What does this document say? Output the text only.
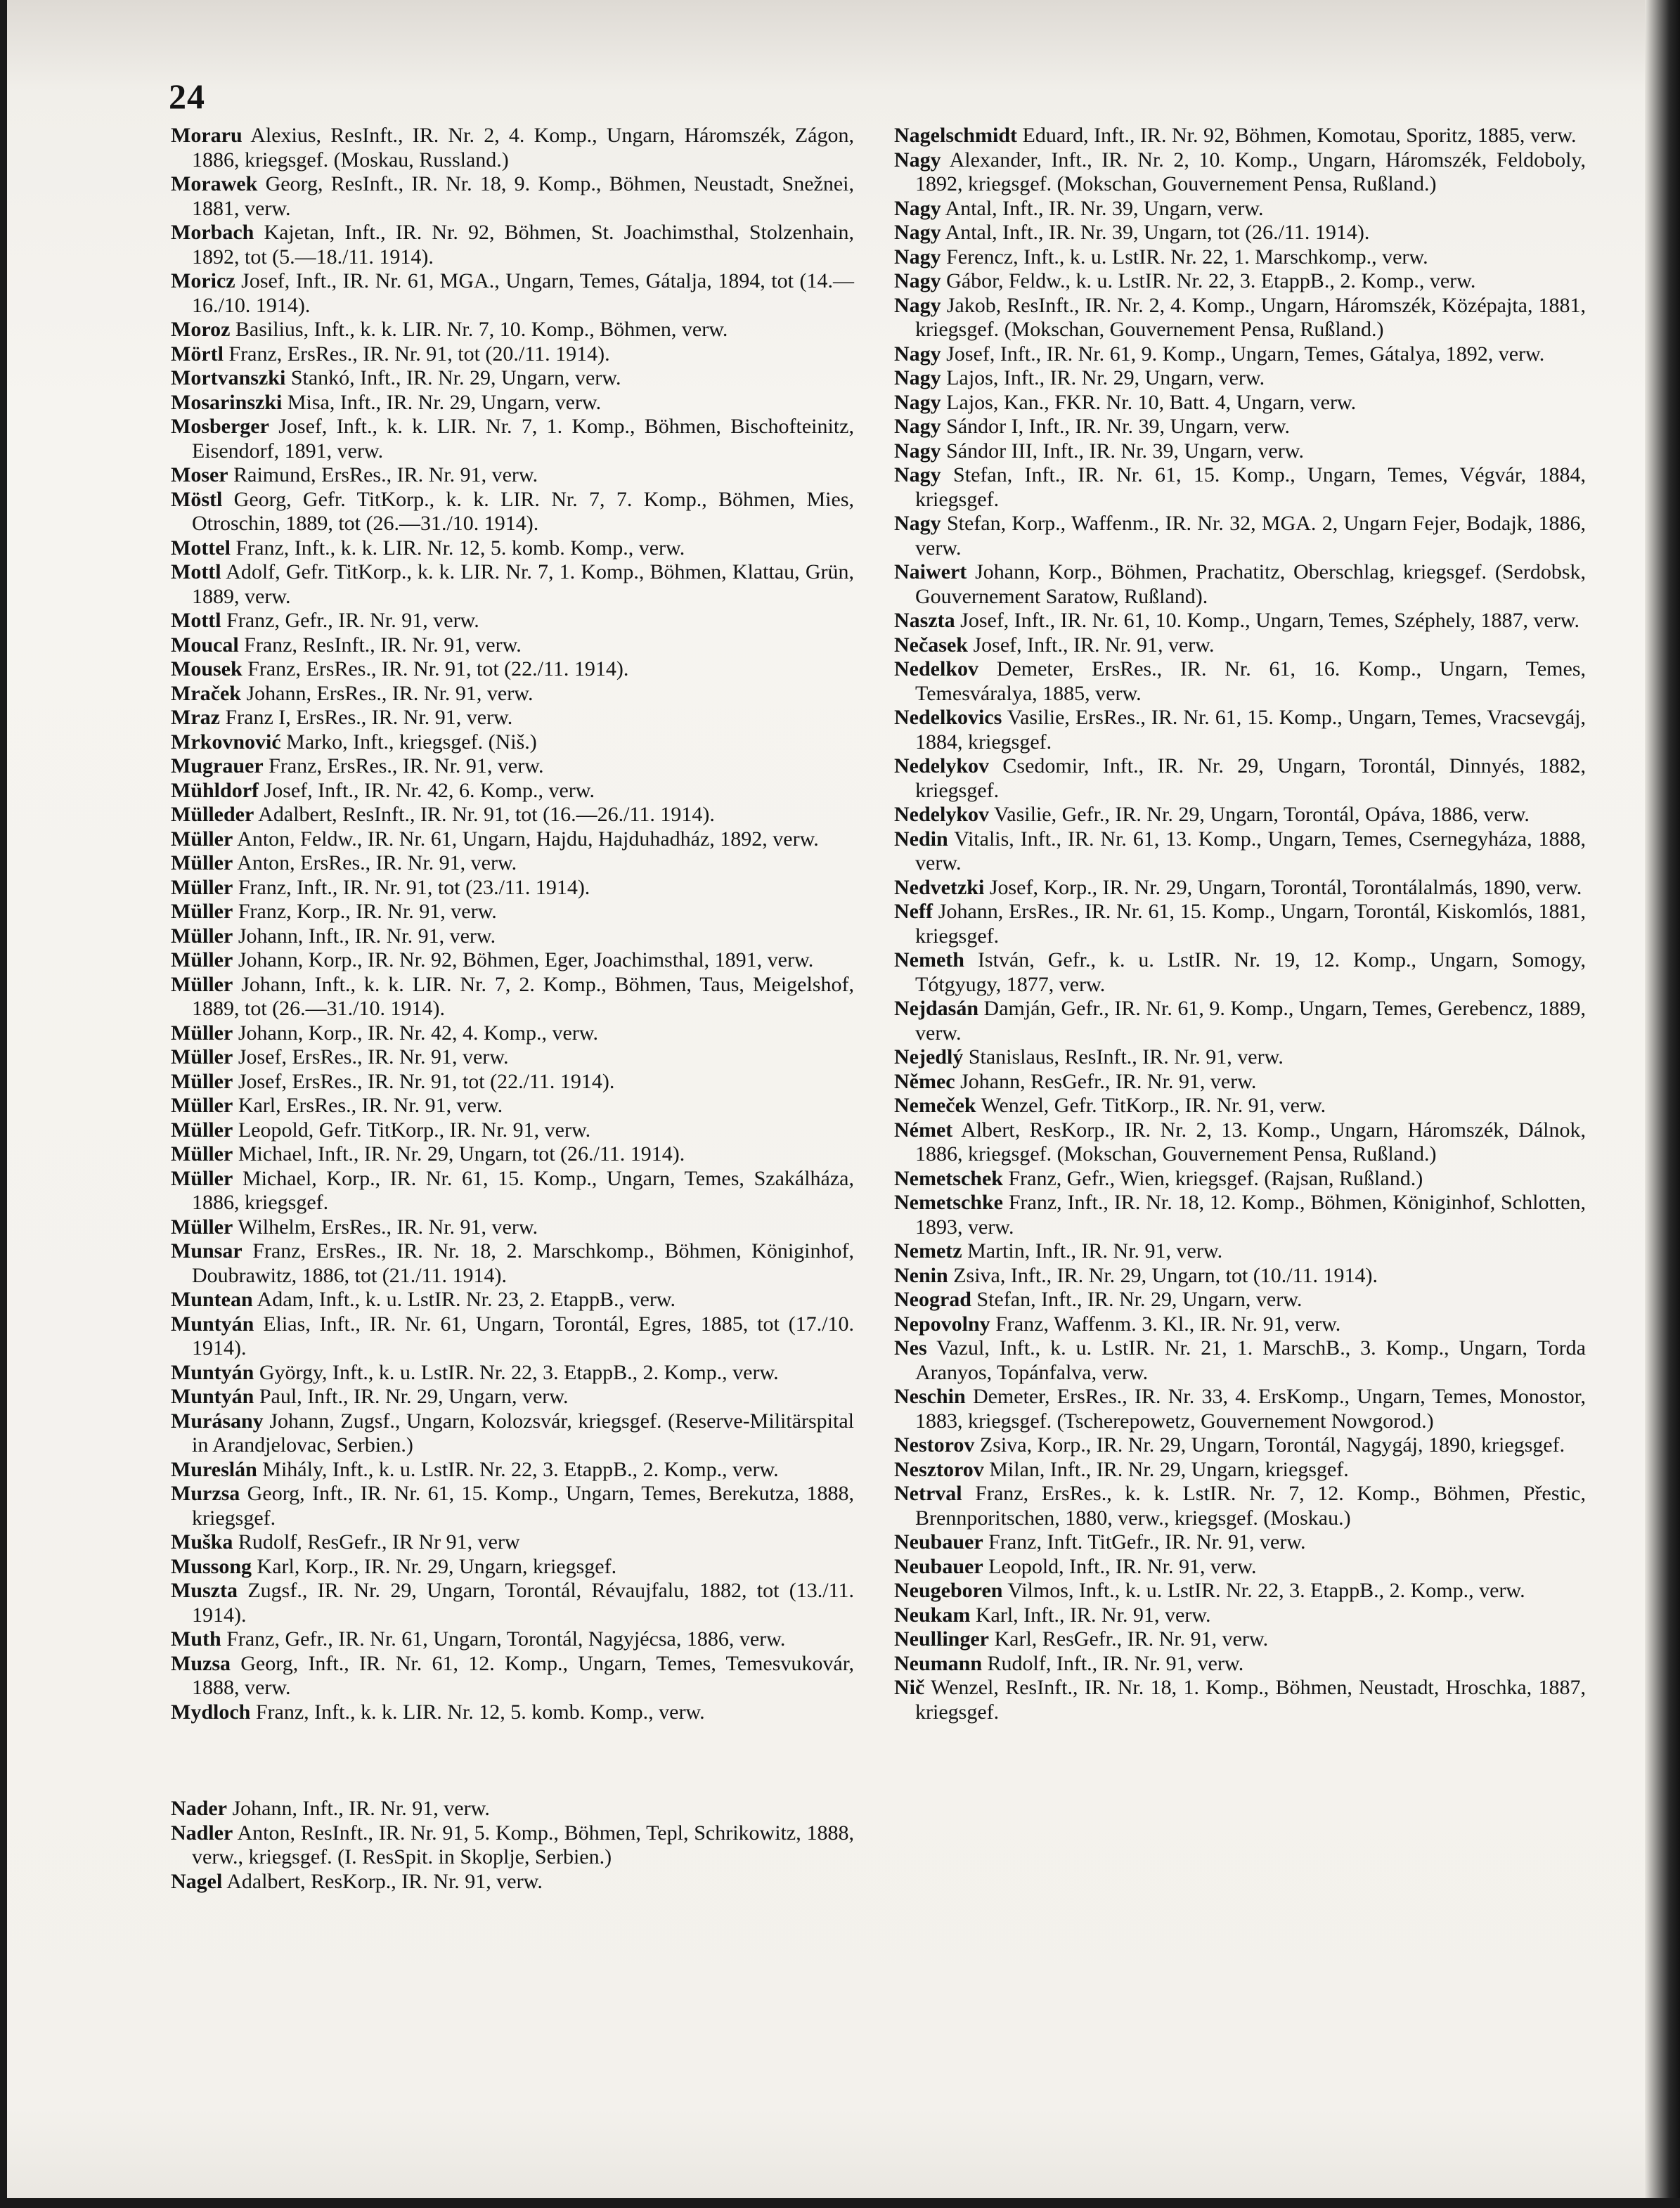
24
Moraru Alexius, ResInft., IR. Nr. 2, 4. Komp., Ungarn, Háromszék, Zágon, 1886, kriegsgef. (Moskau, Russland.)
Morawek Georg, ResInft., IR. Nr. 18, 9. Komp., Böhmen, Neustadt, Snežnei, 1881, verw.
Morbach Kajetan, Inft., IR. Nr. 92, Böhmen, St. Joachimsthal, Stolzenhain, 1892, tot (5.—18./11. 1914).
Moricz Josef, Inft., IR. Nr. 61, MGA., Ungarn, Temes, Gátalja, 1894, tot (14.—16./10. 1914).
Moroz Basilius, Inft., k. k. LIR. Nr. 7, 10. Komp., Böhmen, verw.
Mörtl Franz, ErsRes., IR. Nr. 91, tot (20./11. 1914).
Mortvanszki Stankó, Inft., IR. Nr. 29, Ungarn, verw.
Mosarinszki Misa, Inft., IR. Nr. 29, Ungarn, verw.
Mosberger Josef, Inft., k. k. LIR. Nr. 7, 1. Komp., Böhmen, Bischofteinitz, Eisendorf, 1891, verw.
Moser Raimund, ErsRes., IR. Nr. 91, verw.
Möstl Georg, Gefr. TitKorp., k. k. LIR. Nr. 7, 7. Komp., Böhmen, Mies, Otroschin, 1889, tot (26.—31./10. 1914).
Mottel Franz, Inft., k. k. LIR. Nr. 12, 5. komb. Komp., verw.
Mottl Adolf, Gefr. TitKorp., k. k. LIR. Nr. 7, 1. Komp., Böhmen, Klattau, Grün, 1889, verw.
Mottl Franz, Gefr., IR. Nr. 91, verw.
Moucal Franz, ResInft., IR. Nr. 91, verw.
Mousek Franz, ErsRes., IR. Nr. 91, tot (22./11. 1914).
Mraček Johann, ErsRes., IR. Nr. 91, verw.
Mraz Franz I, ErsRes., IR. Nr. 91, verw.
Mrkovnović Marko, Inft., kriegsgef. (Niš.)
Mugrauer Franz, ErsRes., IR. Nr. 91, verw.
Mühldorf Josef, Inft., IR. Nr. 42, 6. Komp., verw.
Mülleder Adalbert, ResInft., IR. Nr. 91, tot (16.—26./11. 1914).
Müller Anton, Feldw., IR. Nr. 61, Ungarn, Hajdu, Hajduhadház, 1892, verw.
Müller Anton, ErsRes., IR. Nr. 91, verw.
Müller Franz, Inft., IR. Nr. 91, tot (23./11. 1914).
Müller Franz, Korp., IR. Nr. 91, verw.
Müller Johann, Inft., IR. Nr. 91, verw.
Müller Johann, Korp., IR. Nr. 92, Böhmen, Eger, Joachimsthal, 1891, verw.
Müller Johann, Inft., k. k. LIR. Nr. 7, 2. Komp., Böhmen, Taus, Meigelshof, 1889, tot (26.—31./10. 1914).
Müller Johann, Korp., IR. Nr. 42, 4. Komp., verw.
Müller Josef, ErsRes., IR. Nr. 91, verw.
Müller Josef, ErsRes., IR. Nr. 91, tot (22./11. 1914).
Müller Karl, ErsRes., IR. Nr. 91, verw.
Müller Leopold, Gefr. TitKorp., IR. Nr. 91, verw.
Müller Michael, Inft., IR. Nr. 29, Ungarn, tot (26./11. 1914).
Müller Michael, Korp., IR. Nr. 61, 15. Komp., Ungarn, Temes, Szakálháza, 1886, kriegsgef.
Müller Wilhelm, ErsRes., IR. Nr. 91, verw.
Munsar Franz, ErsRes., IR. Nr. 18, 2. Marschkomp., Böhmen, Königinhof, Doubrawitz, 1886, tot (21./11. 1914).
Muntean Adam, Inft., k. u. LstIR. Nr. 23, 2. EtappB., verw.
Muntyán Elias, Inft., IR. Nr. 61, Ungarn, Torontál, Egres, 1885, tot (17./10. 1914).
Muntyán György, Inft., k. u. LstIR. Nr. 22, 3. EtappB., 2. Komp., verw.
Muntyán Paul, Inft., IR. Nr. 29, Ungarn, verw.
Murásany Johann, Zugsf., Ungarn, Kolozsvár, kriegsgef. (Reserve-Militärspital in Arandjelovac, Serbien.)
Mureslán Mihály, Inft., k. u. LstIR. Nr. 22, 3. EtappB., 2. Komp., verw.
Murzsa Georg, Inft., IR. Nr. 61, 15. Komp., Ungarn, Temes, Berekutza, 1888, kriegsgef.
Muška Rudolf, ResGefr., IR Nr 91, verw
Mussong Karl, Korp., IR. Nr. 29, Ungarn, kriegsgef.
Muszta Zugsf., IR. Nr. 29, Ungarn, Torontál, Révaujfalu, 1882, tot (13./11. 1914).
Muth Franz, Gefr., IR. Nr. 61, Ungarn, Torontál, Nagyjécsa, 1886, verw.
Muzsa Georg, Inft., IR. Nr. 61, 12. Komp., Ungarn, Temes, Temesvukovár, 1888, verw.
Mydloch Franz, Inft., k. k. LIR. Nr. 12, 5. komb. Komp., verw.
Nader Johann, Inft., IR. Nr. 91, verw.
Nadler Anton, ResInft., IR. Nr. 91, 5. Komp., Böhmen, Tepl, Schrikowitz, 1888, verw., kriegsgef. (I. ResSpit. in Skoplje, Serbien.)
Nagel Adalbert, ResKorp., IR. Nr. 91, verw.
Nagelschmidt Eduard, Inft., IR. Nr. 92, Böhmen, Komotau, Sporitz, 1885, verw.
Nagy Alexander, Inft., IR. Nr. 2, 10. Komp., Ungarn, Háromszék, Feldoboly, 1892, kriegsgef. (Mokschan, Gouvernement Pensa, Rußland.)
Nagy Antal, Inft., IR. Nr. 39, Ungarn, verw.
Nagy Antal, Inft., IR. Nr. 39, Ungarn, tot (26./11. 1914).
Nagy Ferencz, Inft., k. u. LstIR. Nr. 22, 1. Marschkomp., verw.
Nagy Gábor, Feldw., k. u. LstIR. Nr. 22, 3. EtappB., 2. Komp., verw.
Nagy Jakob, ResInft., IR. Nr. 2, 4. Komp., Ungarn, Háromszék, Középajta, 1881, kriegsgef. (Mokschan, Gouvernement Pensa, Rußland.)
Nagy Josef, Inft., IR. Nr. 61, 9. Komp., Ungarn, Temes, Gátalya, 1892, verw.
Nagy Lajos, Inft., IR. Nr. 29, Ungarn, verw.
Nagy Lajos, Kan., FKR. Nr. 10, Batt. 4, Ungarn, verw.
Nagy Sándor I, Inft., IR. Nr. 39, Ungarn, verw.
Nagy Sándor III, Inft., IR. Nr. 39, Ungarn, verw.
Nagy Stefan, Inft., IR. Nr. 61, 15. Komp., Ungarn, Temes, Végvár, 1884, kriegsgef.
Nagy Stefan, Korp., Waffenm., IR. Nr. 32, MGA. 2, Ungarn Fejer, Bodajk, 1886, verw.
Naiwert Johann, Korp., Böhmen, Prachatitz, Oberschlag, kriegsgef. (Serdobsk, Gouvernement Saratow, Rußland).
Naszta Josef, Inft., IR. Nr. 61, 10. Komp., Ungarn, Temes, Széphely, 1887, verw.
Nečasek Josef, Inft., IR. Nr. 91, verw.
Nedelkov Demeter, ErsRes., IR. Nr. 61, 16. Komp., Ungarn, Temes, Temesváralya, 1885, verw.
Nedelkovics Vasilie, ErsRes., IR. Nr. 61, 15. Komp., Ungarn, Temes, Vracsevgáj, 1884, kriegsgef.
Nedelykov Csedomir, Inft., IR. Nr. 29, Ungarn, Torontál, Dinnyés, 1882, kriegsgef.
Nedelykov Vasilie, Gefr., IR. Nr. 29, Ungarn, Torontál, Opáva, 1886, verw.
Nedin Vitalis, Inft., IR. Nr. 61, 13. Komp., Ungarn, Temes, Csernegyháza, 1888, verw.
Nedvetzki Josef, Korp., IR. Nr. 29, Ungarn, Torontál, Torontálalmás, 1890, verw.
Neff Johann, ErsRes., IR. Nr. 61, 15. Komp., Ungarn, Torontál, Kiskomlós, 1881, kriegsgef.
Nemeth István, Gefr., k. u. LstIR. Nr. 19, 12. Komp., Ungarn, Somogy, Tótgyugy, 1877, verw.
Nejdasán Damján, Gefr., IR. Nr. 61, 9. Komp., Ungarn, Temes, Gerebencz, 1889, verw.
Nejedlý Stanislaus, ResInft., IR. Nr. 91, verw.
Němec Johann, ResGefr., IR. Nr. 91, verw.
Nemeček Wenzel, Gefr. TitKorp., IR. Nr. 91, verw.
Német Albert, ResKorp., IR. Nr. 2, 13. Komp., Ungarn, Háromszék, Dálnok, 1886, kriegsgef. (Mokschan, Gouvernement Pensa, Rußland.)
Nemetschek Franz, Gefr., Wien, kriegsgef. (Rajsan, Rußland.)
Nemetschke Franz, Inft., IR. Nr. 18, 12. Komp., Böhmen, Königinhof, Schlotten, 1893, verw.
Nemetz Martin, Inft., IR. Nr. 91, verw.
Nenin Zsiva, Inft., IR. Nr. 29, Ungarn, tot (10./11. 1914).
Neograd Stefan, Inft., IR. Nr. 29, Ungarn, verw.
Nepovolny Franz, Waffenm. 3. Kl., IR. Nr. 91, verw.
Nes Vazul, Inft., k. u. LstIR. Nr. 21, 1. MarschB., 3. Komp., Ungarn, Torda Aranyos, Topánfalva, verw.
Neschin Demeter, ErsRes., IR. Nr. 33, 4. ErsKomp., Ungarn, Temes, Monostor, 1883, kriegsgef. (Tscherepowetz, Gouvernement Nowgorod.)
Nestorov Zsiva, Korp., IR. Nr. 29, Ungarn, Torontál, Nagygáj, 1890, kriegsgef.
Nesztorov Milan, Inft., IR. Nr. 29, Ungarn, kriegsgef.
Netrval Franz, ErsRes., k. k. LstIR. Nr. 7, 12. Komp., Böhmen, Přestic, Brennporitschen, 1880, verw., kriegsgef. (Moskau.)
Neubauer Franz, Inft. TitGefr., IR. Nr. 91, verw.
Neubauer Leopold, Inft., IR. Nr. 91, verw.
Neugeboren Vilmos, Inft., k. u. LstIR. Nr. 22, 3. EtappB., 2. Komp., verw.
Neukam Karl, Inft., IR. Nr. 91, verw.
Neullinger Karl, ResGefr., IR. Nr. 91, verw.
Neumann Rudolf, Inft., IR. Nr. 91, verw.
Nič Wenzel, ResInft., IR. Nr. 18, 1. Komp., Böhmen, Neustadt, Hroschka, 1887, kriegsgef.
